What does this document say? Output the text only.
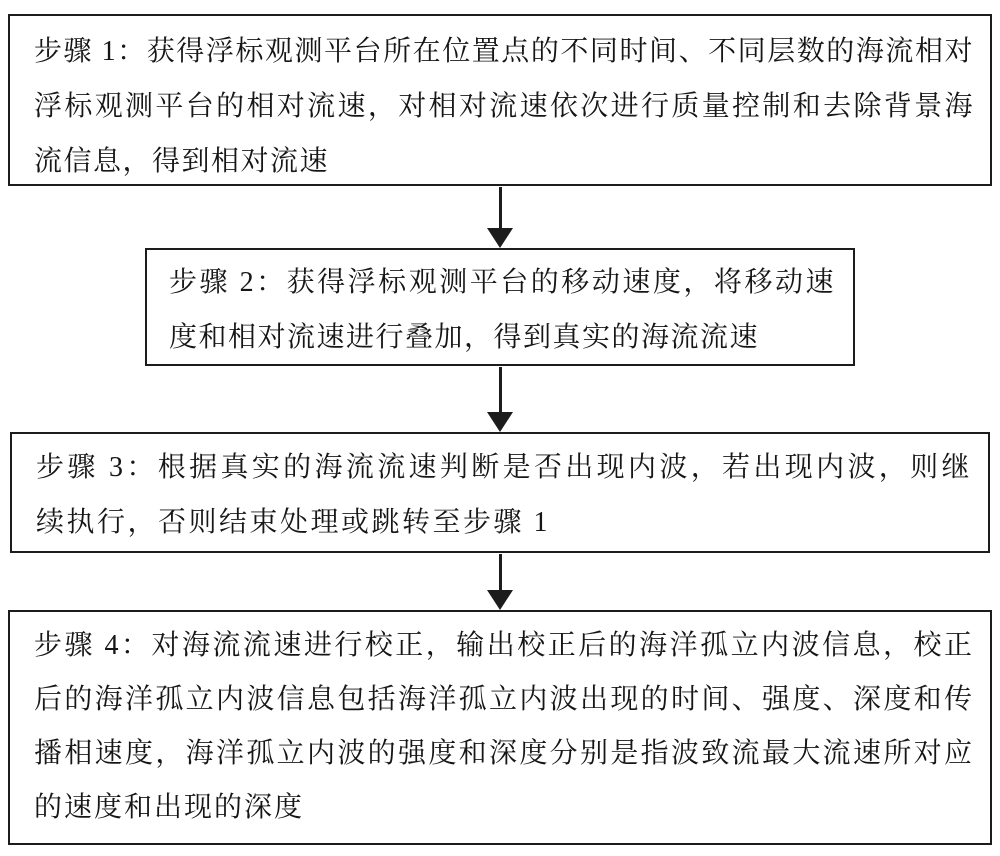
步骤 1：获得浮标观测平台所在位置点的不同时间、不同层数的海流相对浮标观测平台的相对流速，对相对流速依次进行质量控制和去除背景海流信息，得到相对流速

步骤 2：获得浮标观测平台的移动速度，将移动速度和相对流速进行叠加，得到真实的海流流速

步骤 3：根据真实的海流流速判断是否出现内波，若出现内波，则继续执行，否则结束处理或跳转至步骤 1

步骤 4：对海流流速进行校正，输出校正后的海洋孤立内波信息，校正后的海洋孤立内波信息包括海洋孤立内波出现的时间、强度、深度和传播相速度，海洋孤立内波的强度和深度分别是指波致流最大流速所对应的速度和出现的深度
